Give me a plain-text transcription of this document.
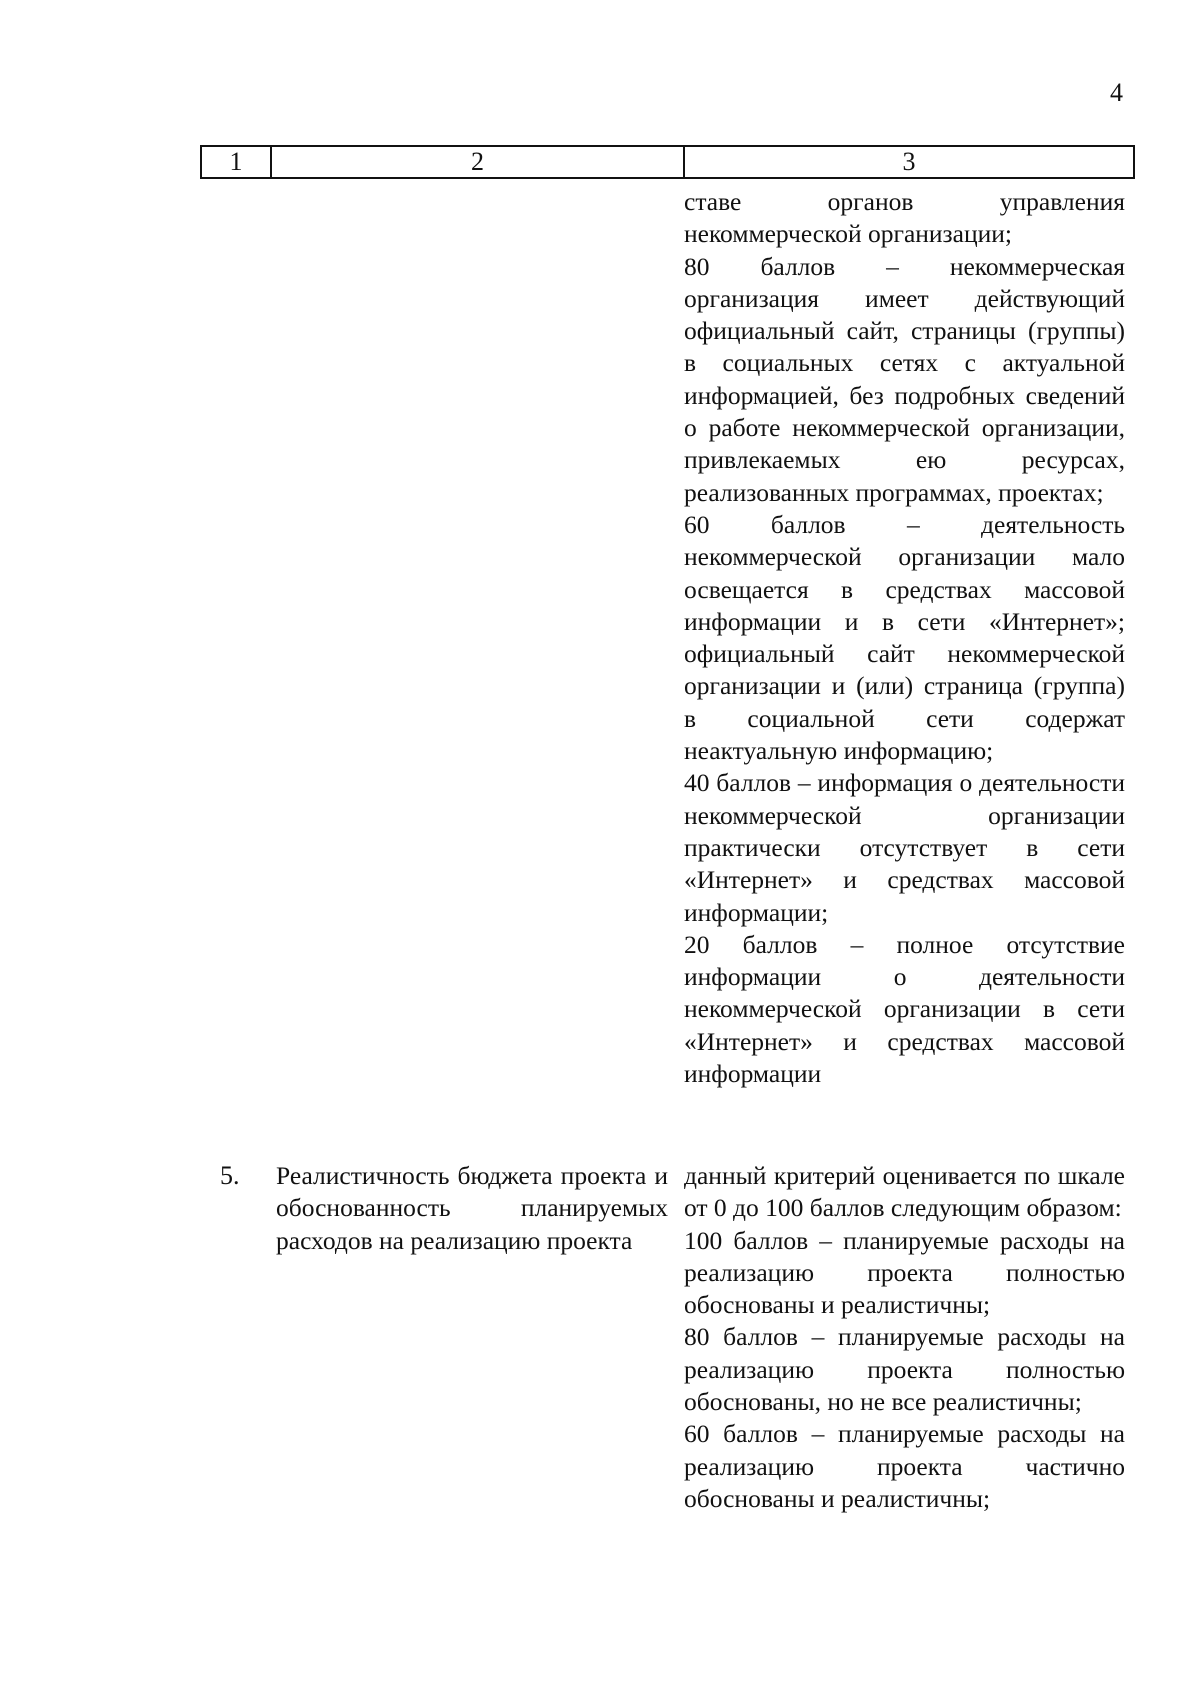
4
1	2	3

ставе органов управления некоммерческой организации;

80 баллов – некоммерческая организация имеет действующий официальный сайт, страницы (группы) в социальных сетях с актуальной информацией, без подробных сведений о работе некоммерческой организации, привлекаемых ею ресурсах, реализованных программах, проектах;

60 баллов – деятельность некоммерческой организации мало освещается в средствах массовой информации и в сети «Интернет»; официальный сайт некоммерческой организации и (или) страница (группа) в социальной сети содержат неактуальную информацию;

40 баллов – информация о деятельности некоммерческой организации практически отсутствует в сети «Интернет» и средствах массовой информации;

20 баллов – полное отсутствие информации о деятельности некоммерческой организации в сети «Интернет» и средствах массовой информации

5. Реалистичность бюджета проекта и обоснованность планируемых расходов на реализацию проекта

данный критерий оценивается по шкале от 0 до 100 баллов следующим образом:

100 баллов – планируемые расходы на реализацию проекта полностью обоснованы и реалистичны;

80 баллов – планируемые расходы на реализацию проекта полностью обоснованы, но не все реалистичны;

60 баллов – планируемые расходы на реализацию проекта частично обоснованы и реалистичны;
